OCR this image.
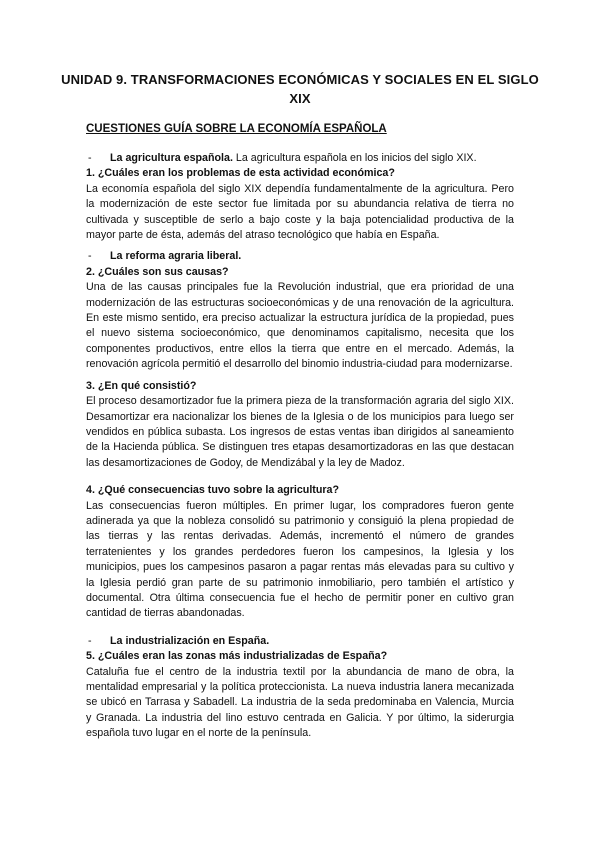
UNIDAD 9. TRANSFORMACIONES ECONÓMICAS Y SOCIALES EN EL SIGLO XIX
CUESTIONES GUÍA SOBRE LA ECONOMÍA ESPAÑOLA
-	La agricultura española. La agricultura española en los inicios del siglo XIX.
1. ¿Cuáles eran los problemas de esta actividad económica?
La economía española del siglo XIX dependía fundamentalmente de la agricultura. Pero la modernización de este sector fue limitada por su abundancia relativa de tierra no cultivada y susceptible de serlo a bajo coste y la baja potencialidad productiva de la mayor parte de ésta, además del atraso tecnológico que había en España.
-	La reforma agraria liberal.
2. ¿Cuáles son sus causas?
Una de las causas principales fue la Revolución industrial, que era prioridad de una modernización de las estructuras socioeconómicas y de una renovación de la agricultura. En este mismo sentido, era preciso actualizar la estructura jurídica de la propiedad, pues el nuevo sistema socioeconómico, que denominamos capitalismo, necesita que los componentes productivos, entre ellos la tierra que entre en el mercado. Además, la renovación agrícola permitió el desarrollo del binomio industria-ciudad para modernizarse.
3. ¿En qué consistió?
El proceso desamortizador fue la primera pieza de la transformación agraria del siglo XIX. Desamortizar era nacionalizar los bienes de la Iglesia o de los municipios para luego ser vendidos en pública subasta. Los ingresos de estas ventas iban dirigidos al saneamiento de la Hacienda pública. Se distinguen tres etapas desamortizadoras en las que destacan las desamortizaciones de Godoy, de Mendizábal y la ley de Madoz.
4. ¿Qué consecuencias tuvo sobre la agricultura?
Las consecuencias fueron múltiples. En primer lugar, los compradores fueron gente adinerada ya que la nobleza consolidó su patrimonio y consiguió la plena propiedad de las tierras y las rentas derivadas. Además, incrementó el número de grandes terratenientes y los grandes perdedores fueron los campesinos, la Iglesia y los municipios, pues los campesinos pasaron a pagar rentas más elevadas para su cultivo y la Iglesia perdió gran parte de su patrimonio inmobiliario, pero también el artístico y documental. Otra última consecuencia fue el hecho de permitir poner en cultivo gran cantidad de tierras abandonadas.
-	La industrialización en España.
5. ¿Cuáles eran las zonas más industrializadas de España?
Cataluña fue el centro de la industria textil por la abundancia de mano de obra, la mentalidad empresarial y la política proteccionista. La nueva industria lanera mecanizada se ubicó en Tarrasa y Sabadell. La industria de la seda predominaba en Valencia, Murcia y Granada. La industria del lino estuvo centrada en Galicia. Y por último, la siderurgia española tuvo lugar en el norte de la península.
